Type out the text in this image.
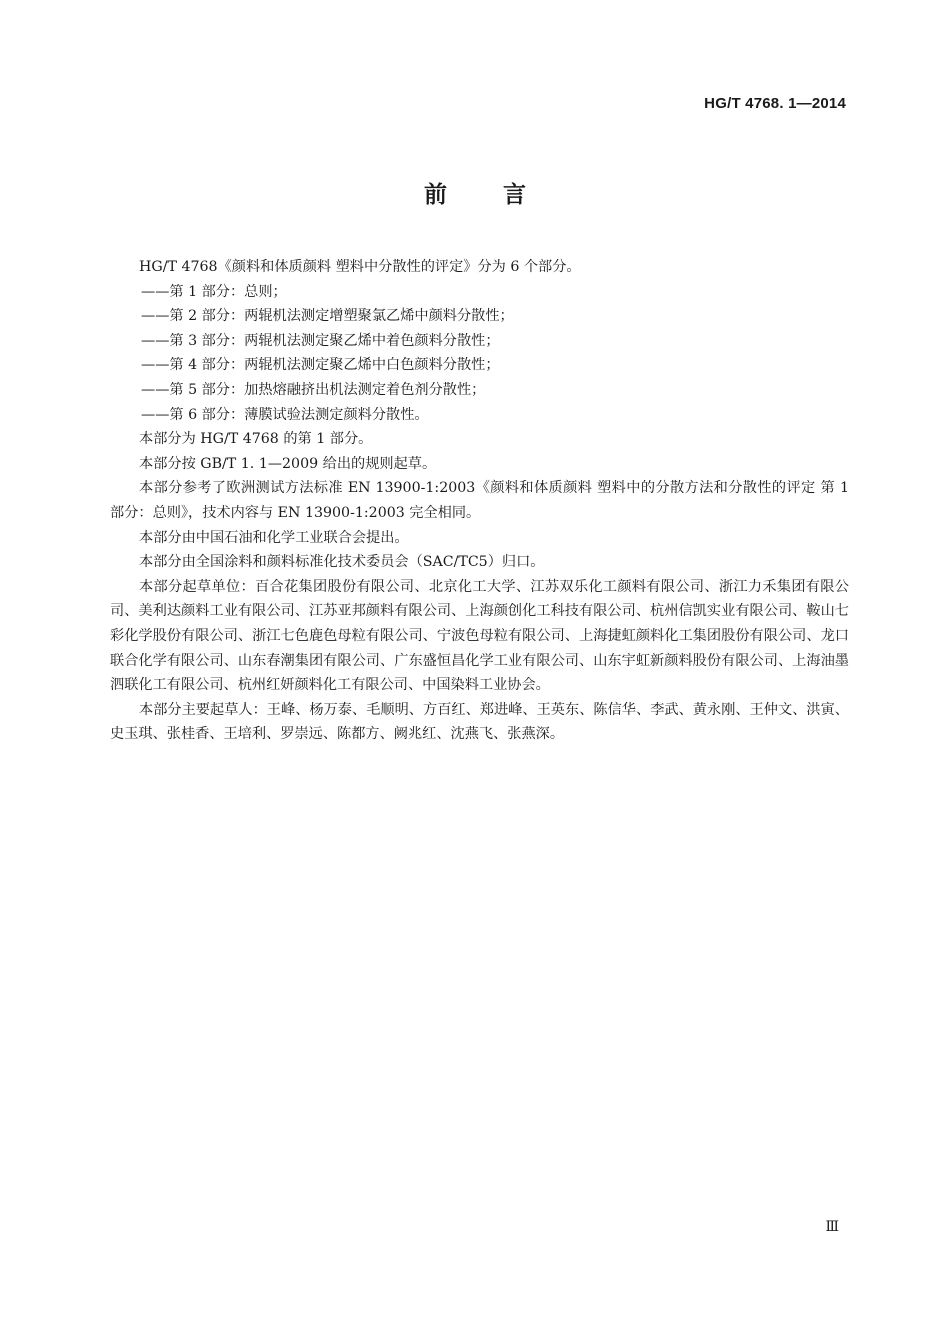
HG/T 4768. 1—2014
前言

HG/T 4768《颜料和体质颜料 塑料中分散性的评定》分为 6 个部分。

——第 1 部分：总则；

——第 2 部分：两辊机法测定增塑聚氯乙烯中颜料分散性；

——第 3 部分：两辊机法测定聚乙烯中着色颜料分散性；

——第 4 部分：两辊机法测定聚乙烯中白色颜料分散性；

——第 5 部分：加热熔融挤出机法测定着色剂分散性；

——第 6 部分：薄膜试验法测定颜料分散性。

本部分为 HG/T 4768 的第 1 部分。

本部分按 GB/T 1. 1—2009 给出的规则起草。

本部分参考了欧洲测试方法标准 EN 13900-1:2003《颜料和体质颜料 塑料中的分散方法和分散性的评定 第 1 部分：总则》，技术内容与 EN 13900-1:2003 完全相同。

本部分由中国石油和化学工业联合会提出。

本部分由全国涂料和颜料标准化技术委员会（SAC/TC5）归口。

本部分起草单位：百合花集团股份有限公司、北京化工大学、江苏双乐化工颜料有限公司、浙江力禾集团有限公司、美利达颜料工业有限公司、江苏亚邦颜料有限公司、上海颜创化工科技有限公司、杭州信凯实业有限公司、鞍山七彩化学股份有限公司、浙江七色鹿色母粒有限公司、宁波色母粒有限公司、上海捷虹颜料化工集团股份有限公司、龙口联合化学有限公司、山东春潮集团有限公司、广东盛恒昌化学工业有限公司、山东宇虹新颜料股份有限公司、上海油墨泗联化工有限公司、杭州红妍颜料化工有限公司、中国染料工业协会。

本部分主要起草人：王峰、杨万泰、毛顺明、方百红、郑进峰、王英东、陈信华、李武、黄永刚、王仲文、洪寅、史玉琪、张桂香、王培利、罗崇远、陈都方、阙兆红、沈燕飞、张燕深。

Ⅲ
